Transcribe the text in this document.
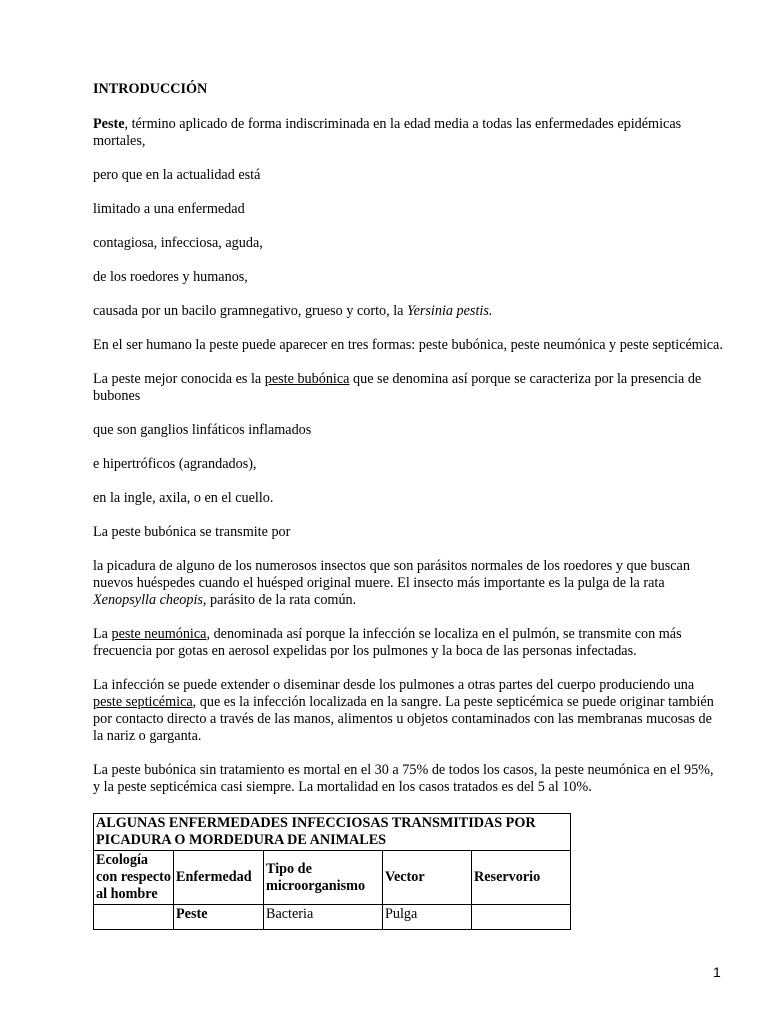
INTRODUCCIÓN

Peste, término aplicado de forma indiscriminada en la edad media a todas las enfermedades epidémicas mortales,

pero que en la actualidad está

limitado a una enfermedad

contagiosa, infecciosa, aguda,

de los roedores y humanos,

causada por un bacilo gramnegativo, grueso y corto, la Yersinia pestis.

En el ser humano la peste puede aparecer en tres formas: peste bubónica, peste neumónica y peste septicémica.

La peste mejor conocida es la peste bubónica que se denomina así porque se caracteriza por la presencia de bubones

que son ganglios linfáticos inflamados

e hipertróficos (agrandados),

en la ingle, axila, o en el cuello.

La peste bubónica se transmite por

la picadura de alguno de los numerosos insectos que son parásitos normales de los roedores y que buscan nuevos huéspedes cuando el huésped original muere. El insecto más importante es la pulga de la rata Xenopsylla cheopis, parásito de la rata común.

La peste neumónica, denominada así porque la infección se localiza en el pulmón, se transmite con más frecuencia por gotas en aerosol expelidas por los pulmones y la boca de las personas infectadas.

La infección se puede extender o diseminar desde los pulmones a otras partes del cuerpo produciendo una peste septicémica, que es la infección localizada en la sangre. La peste septicémica se puede originar también por contacto directo a través de las manos, alimentos u objetos contaminados con las membranas mucosas de la nariz o garganta.

La peste bubónica sin tratamiento es mortal en el 30 a 75% de todos los casos, la peste neumónica en el 95%, y la peste septicémica casi siempre. La mortalidad en los casos tratados es del 5 al 10%.

ALGUNAS ENFERMEDADES INFECCIOSAS TRANSMITIDAS POR PICADURA O MORDEDURA DE ANIMALES				
Ecología con respecto al hombre	Enfermedad	Tipo de microorganismo	Vector	Reservorio
	Peste	Bacteria	Pulga	
1
